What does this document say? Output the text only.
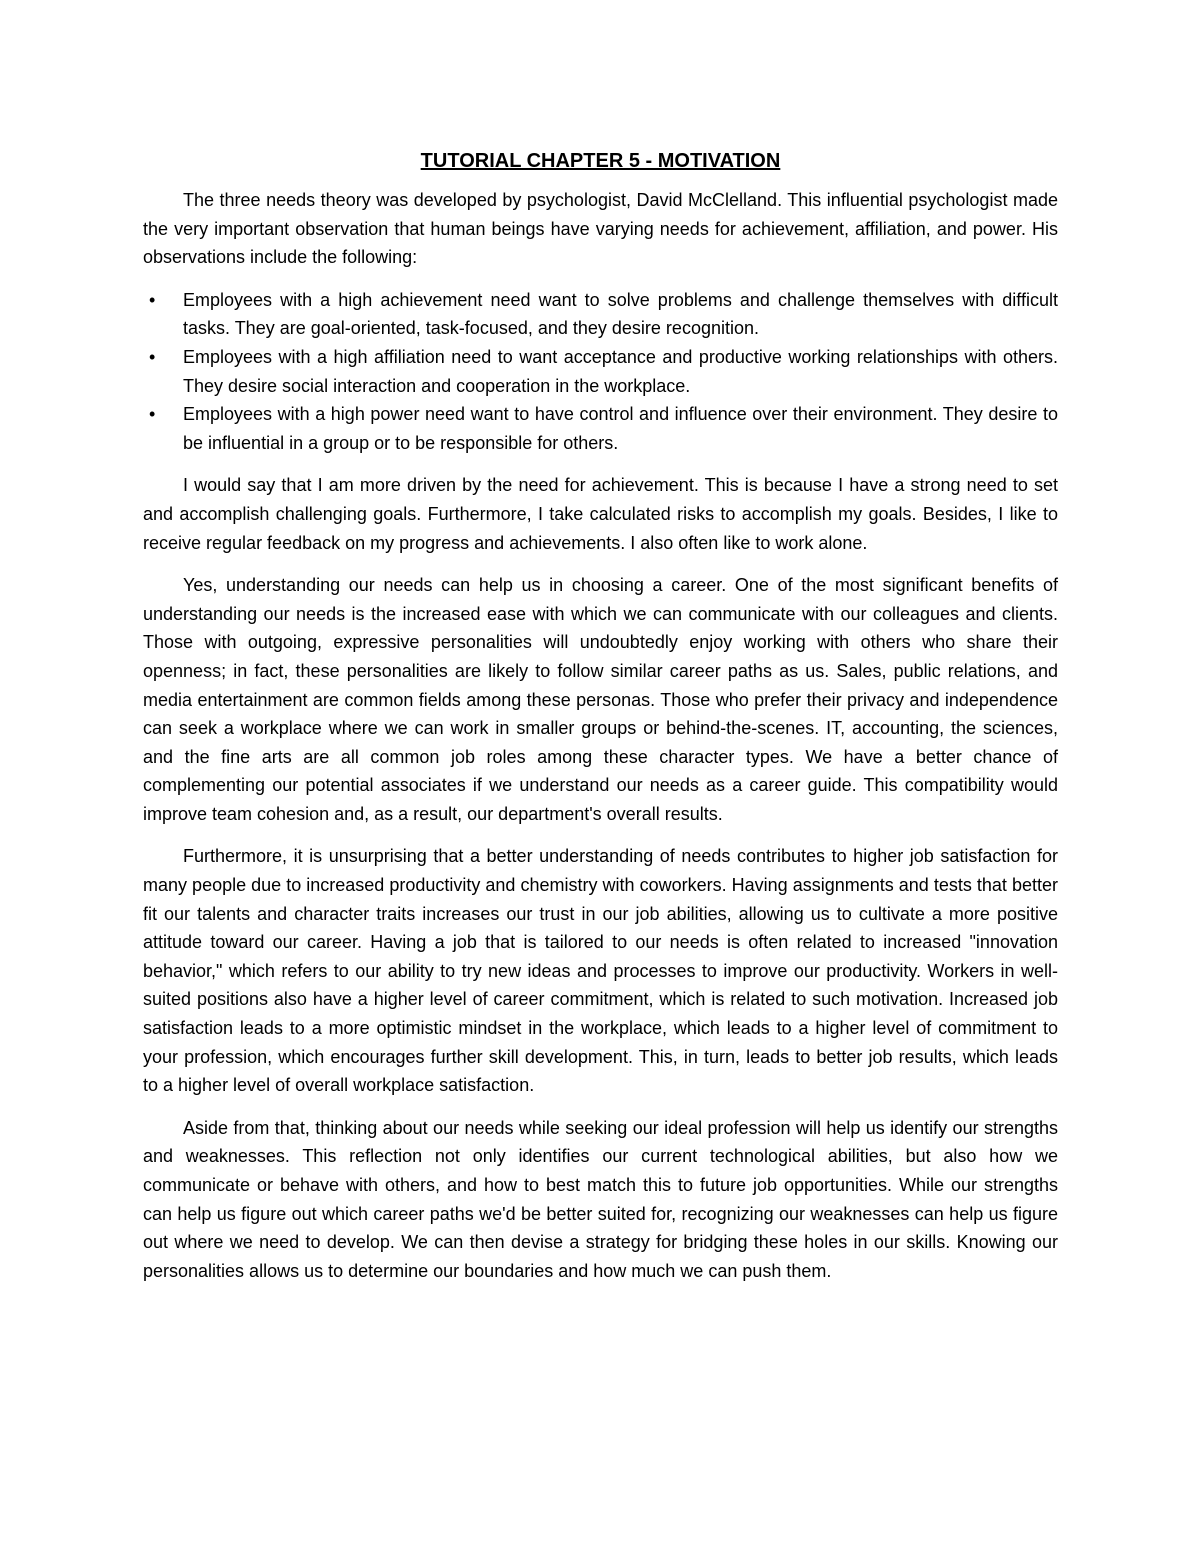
TUTORIAL CHAPTER 5 - MOTIVATION

The three needs theory was developed by psychologist, David McClelland. This influential psychologist made the very important observation that human beings have varying needs for achievement, affiliation, and power. His observations include the following:

• Employees with a high achievement need want to solve problems and challenge themselves with difficult tasks. They are goal-oriented, task-focused, and they desire recognition.
• Employees with a high affiliation need to want acceptance and productive working relationships with others. They desire social interaction and cooperation in the workplace.
• Employees with a high power need want to have control and influence over their environment. They desire to be influential in a group or to be responsible for others.

I would say that I am more driven by the need for achievement. This is because I have a strong need to set and accomplish challenging goals. Furthermore, I take calculated risks to accomplish my goals. Besides, I like to receive regular feedback on my progress and achievements. I also often like to work alone.

Yes, understanding our needs can help us in choosing a career. One of the most significant benefits of understanding our needs is the increased ease with which we can communicate with our colleagues and clients. Those with outgoing, expressive personalities will undoubtedly enjoy working with others who share their openness; in fact, these personalities are likely to follow similar career paths as us. Sales, public relations, and media entertainment are common fields among these personas. Those who prefer their privacy and independence can seek a workplace where we can work in smaller groups or behind-the-scenes. IT, accounting, the sciences, and the fine arts are all common job roles among these character types. We have a better chance of complementing our potential associates if we understand our needs as a career guide. This compatibility would improve team cohesion and, as a result, our department's overall results.

Furthermore, it is unsurprising that a better understanding of needs contributes to higher job satisfaction for many people due to increased productivity and chemistry with coworkers. Having assignments and tests that better fit our talents and character traits increases our trust in our job abilities, allowing us to cultivate a more positive attitude toward our career. Having a job that is tailored to our needs is often related to increased "innovation behavior," which refers to our ability to try new ideas and processes to improve our productivity. Workers in well-suited positions also have a higher level of career commitment, which is related to such motivation. Increased job satisfaction leads to a more optimistic mindset in the workplace, which leads to a higher level of commitment to your profession, which encourages further skill development. This, in turn, leads to better job results, which leads to a higher level of overall workplace satisfaction.

Aside from that, thinking about our needs while seeking our ideal profession will help us identify our strengths and weaknesses. This reflection not only identifies our current technological abilities, but also how we communicate or behave with others, and how to best match this to future job opportunities. While our strengths can help us figure out which career paths we'd be better suited for, recognizing our weaknesses can help us figure out where we need to develop. We can then devise a strategy for bridging these holes in our skills. Knowing our personalities allows us to determine our boundaries and how much we can push them.
